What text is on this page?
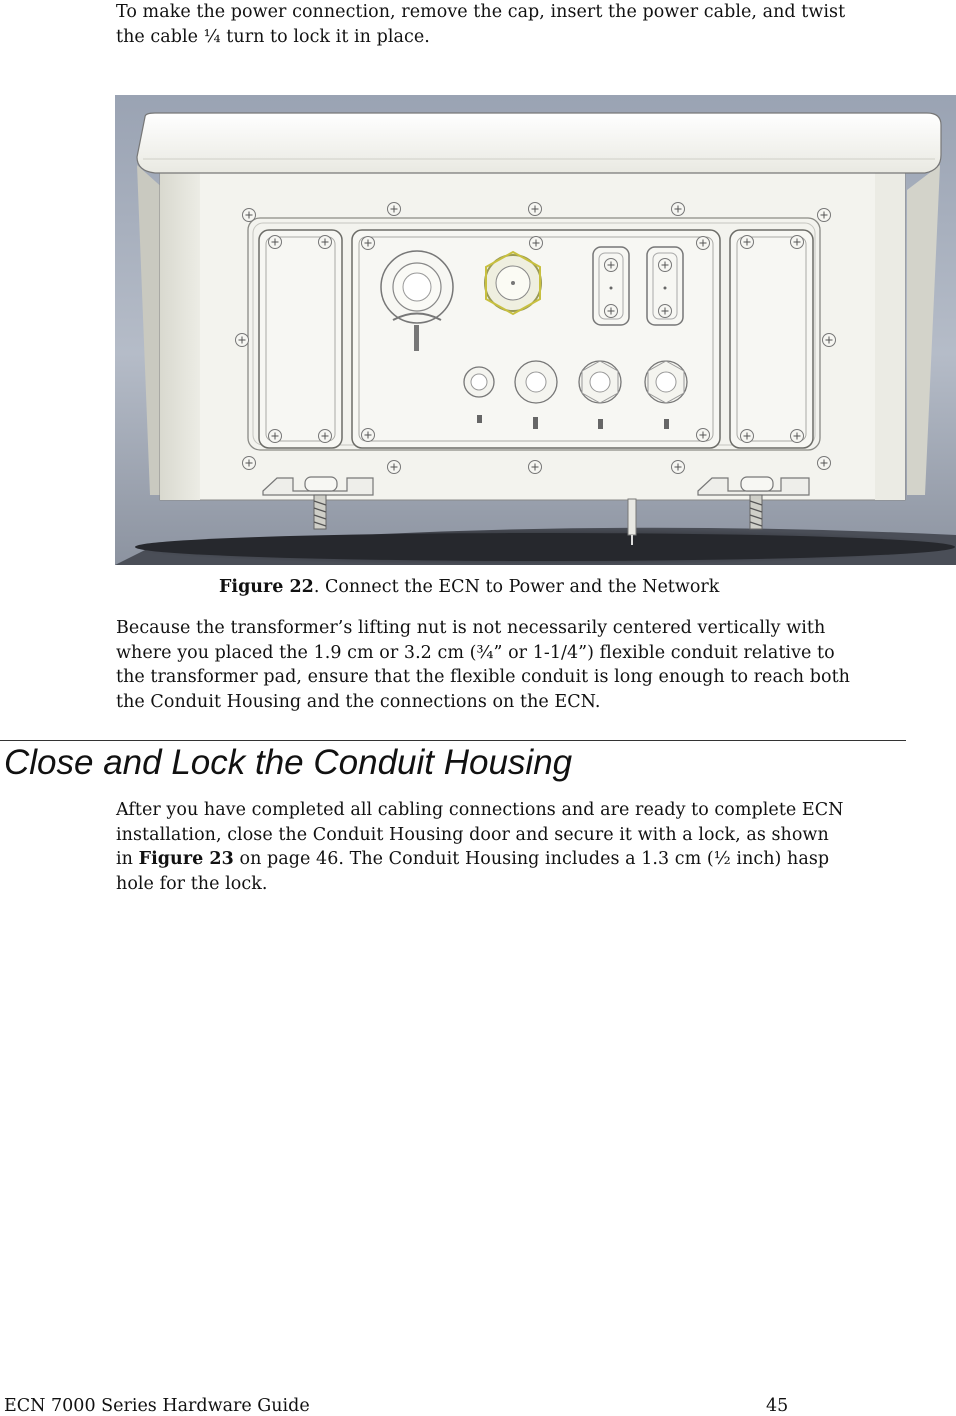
To make the power connection, remove the cap, insert the power cable, and twist
the cable ¼ turn to lock it in place.

Figure 22. Connect the ECN to Power and the Network

Because the transformer’s lifting nut is not necessarily centered vertically with
where you placed the 1.9 cm or 3.2 cm (¾” or 1-1/4”) flexible conduit relative to
the transformer pad, ensure that the flexible conduit is long enough to reach both
the Conduit Housing and the connections on the ECN.

Close and Lock the Conduit Housing

After you have completed all cabling connections and are ready to complete ECN
installation, close the Conduit Housing door and secure it with a lock, as shown
in Figure 23 on page 46. The Conduit Housing includes a 1.3 cm (½ inch) hasp
hole for the lock.

ECN 7000 Series Hardware Guide	45
